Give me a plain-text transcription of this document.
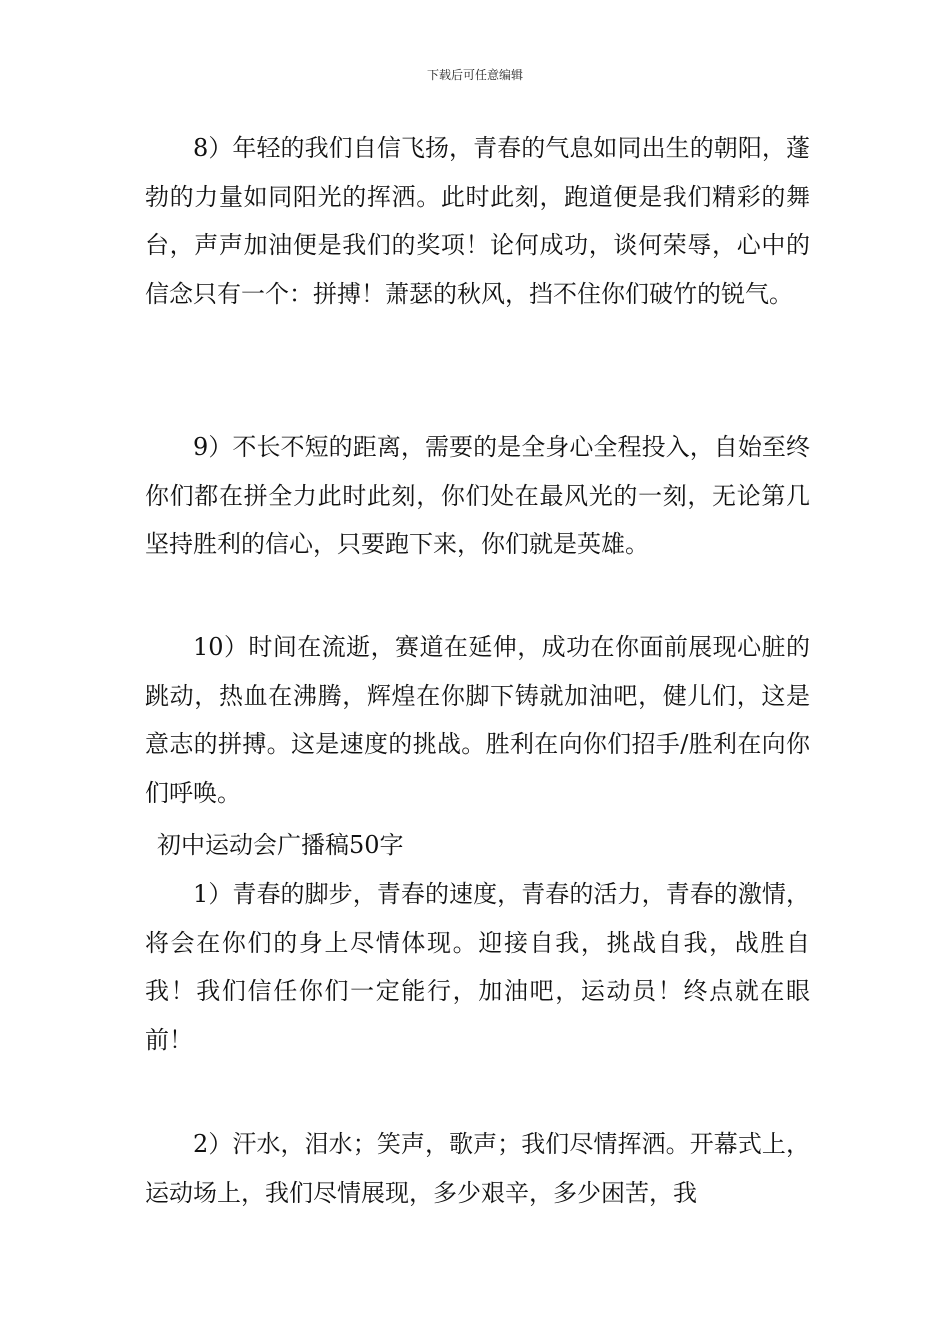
下载后可任意编辑

8）年轻的我们自信飞扬，青春的气息如同出生的朝阳，蓬勃的力量如同阳光的挥洒。此时此刻，跑道便是我们精彩的舞台，声声加油便是我们的奖项！论何成功，谈何荣辱，心中的信念只有一个：拼搏！萧瑟的秋风，挡不住你们破竹的锐气。

9）不长不短的距离，需要的是全身心全程投入，自始至终你们都在拼全力此时此刻，你们处在最风光的一刻，无论第几坚持胜利的信心，只要跑下来，你们就是英雄。

10）时间在流逝，赛道在延伸，成功在你面前展现心脏的跳动，热血在沸腾，辉煌在你脚下铸就加油吧，健儿们，这是意志的拼搏。这是速度的挑战。胜利在向你们招手/胜利在向你们呼唤。

初中运动会广播稿50字

1）青春的脚步，青春的速度，青春的活力，青春的激情，将会在你们的身上尽情体现。迎接自我，挑战自我，战胜自我！我们信任你们一定能行，加油吧，运动员！终点就在眼前！

2）汗水，泪水；笑声，歌声；我们尽情挥洒。开幕式上，运动场上，我们尽情展现，多少艰辛，多少困苦，我
